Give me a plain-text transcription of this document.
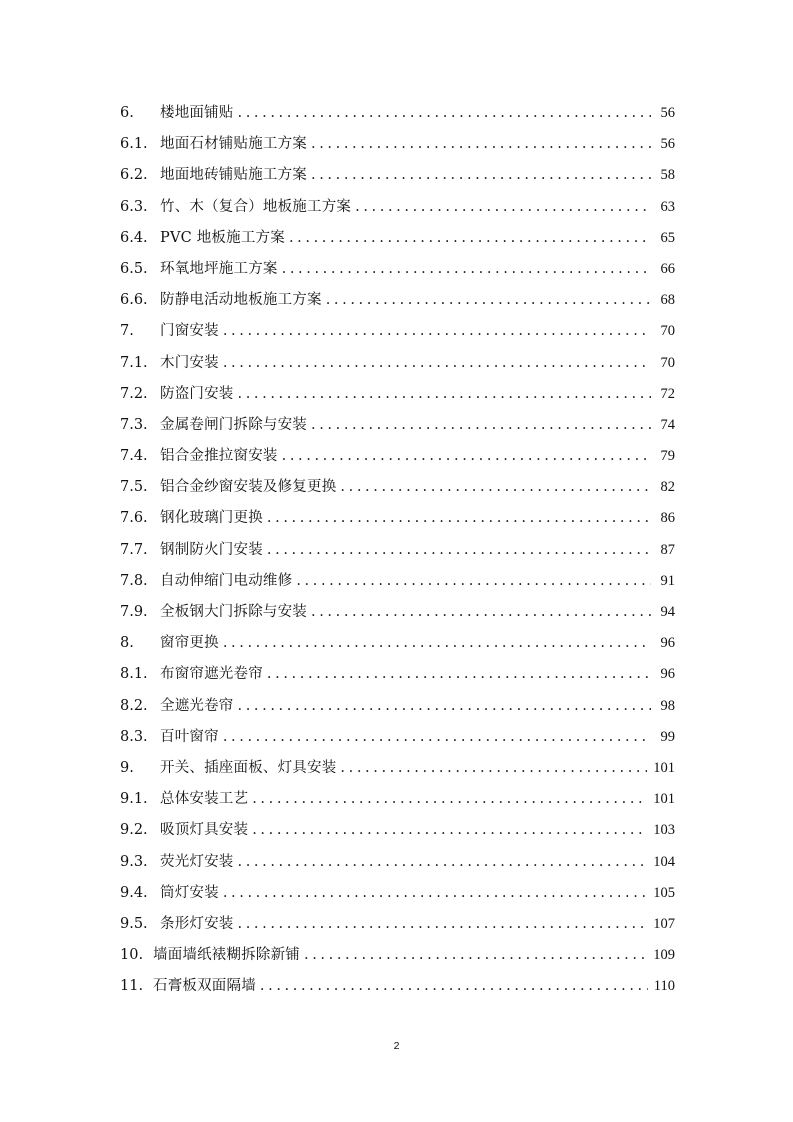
6.	楼地面铺贴 .....	56
6.1. 地面石材铺贴施工方案 .....	56
6.2. 地面地砖铺贴施工方案 .....	58
6.3. 竹、木（复合）地板施工方案 .....	63
6.4. PVC 地板施工方案 .....	65
6.5. 环氧地坪施工方案 .....	66
6.6. 防静电活动地板施工方案 .....	68
7.	门窗安装 .....	70
7.1. 木门安装 .....	70
7.2. 防盗门安装 .....	72
7.3. 金属卷闸门拆除与安装 .....	74
7.4. 铝合金推拉窗安装 .....	79
7.5. 铝合金纱窗安装及修复更换 .....	82
7.6. 钢化玻璃门更换 .....	86
7.7. 钢制防火门安装 .....	87
7.8. 自动伸缩门电动维修 .....	91
7.9. 全板钢大门拆除与安装 .....	94
8.	窗帘更换 .....	96
8.1. 布窗帘遮光卷帘 .....	96
8.2. 全遮光卷帘 .....	98
8.3. 百叶窗帘 .....	99
9.	开关、插座面板、灯具安装 .....	101
9.1. 总体安装工艺 .....	101
9.2. 吸顶灯具安装 .....	103
9.3. 荧光灯安装 .....	104
9.4. 筒灯安装 .....	105
9.5. 条形灯安装 .....	107
10. 墙面墙纸裱糊拆除新铺 .....	109
11. 石膏板双面隔墙 .....	110
2
